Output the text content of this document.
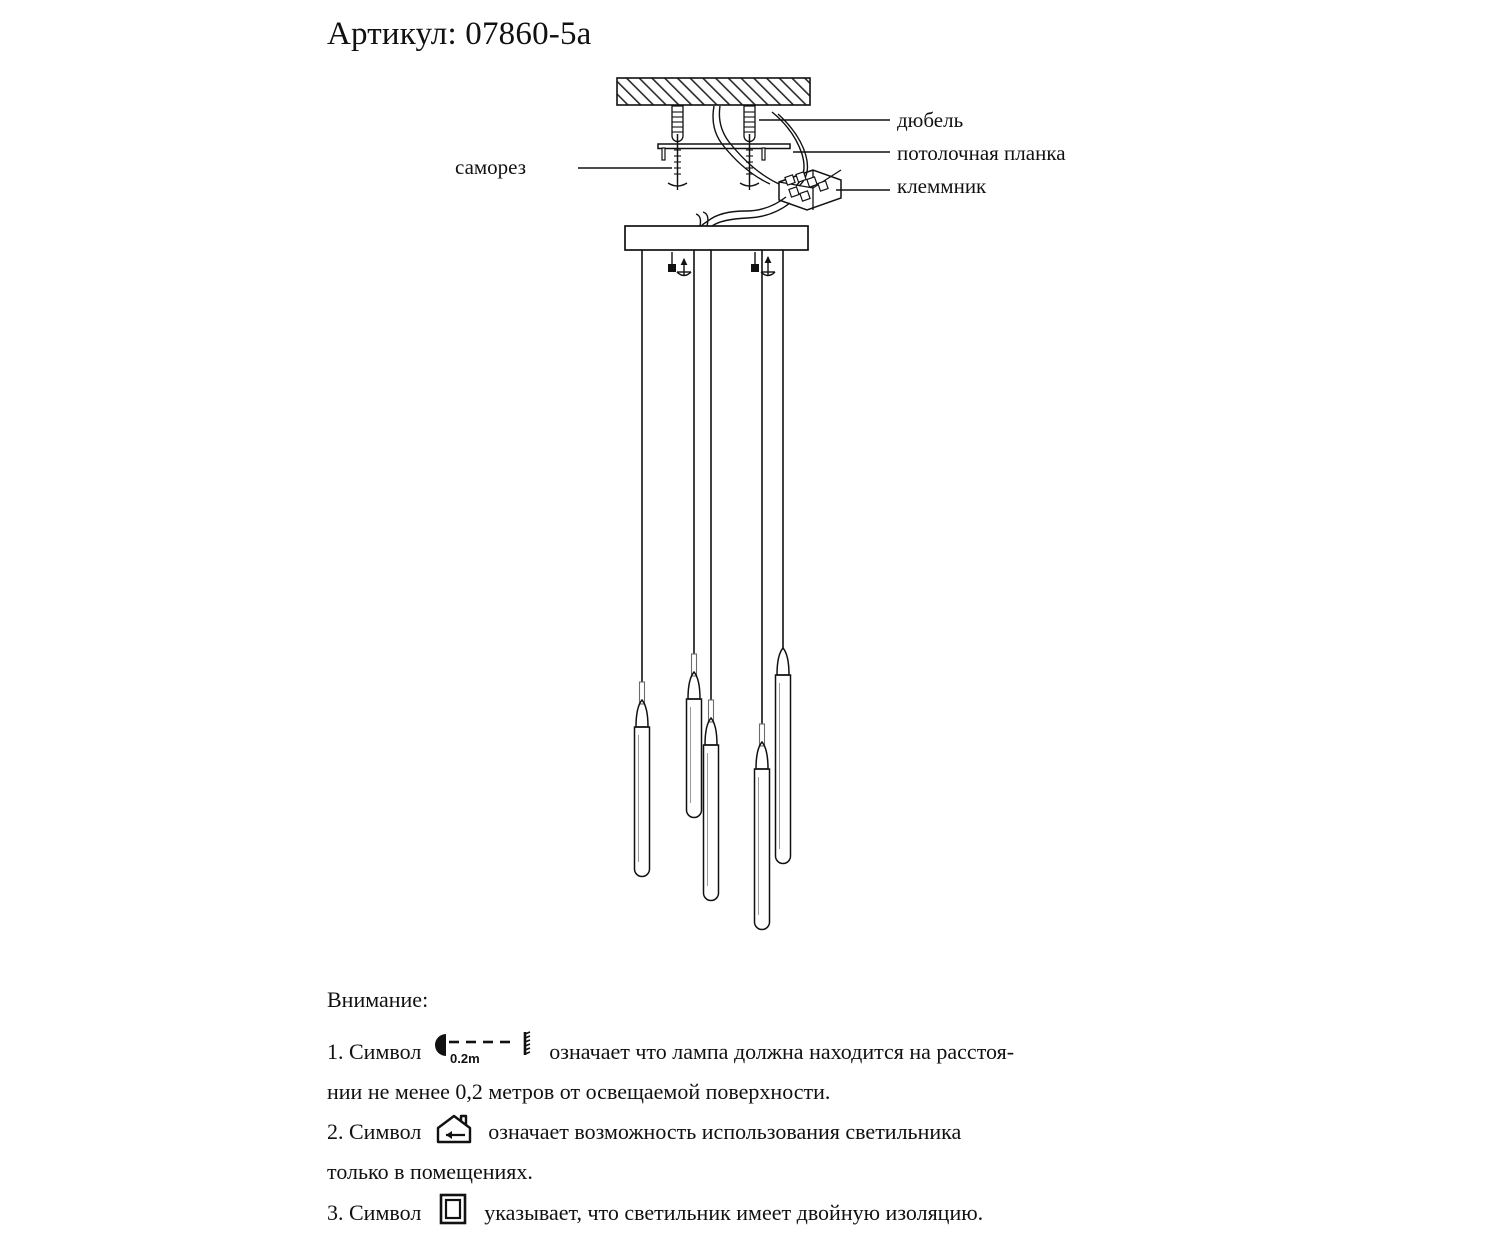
Артикул: 07860-5a
дюбель
потолочная планка
клеммник
саморез
Внимание:
1. Символ 0.2m	означает что лампа должна находится на расстоя-
нии не менее 0,2 метров от освещаемой поверхности.
2. Символ	означает возможность использования светильника
только в помещениях.
3. Символ	указывает, что светильник имеет двойную изоляцию.
